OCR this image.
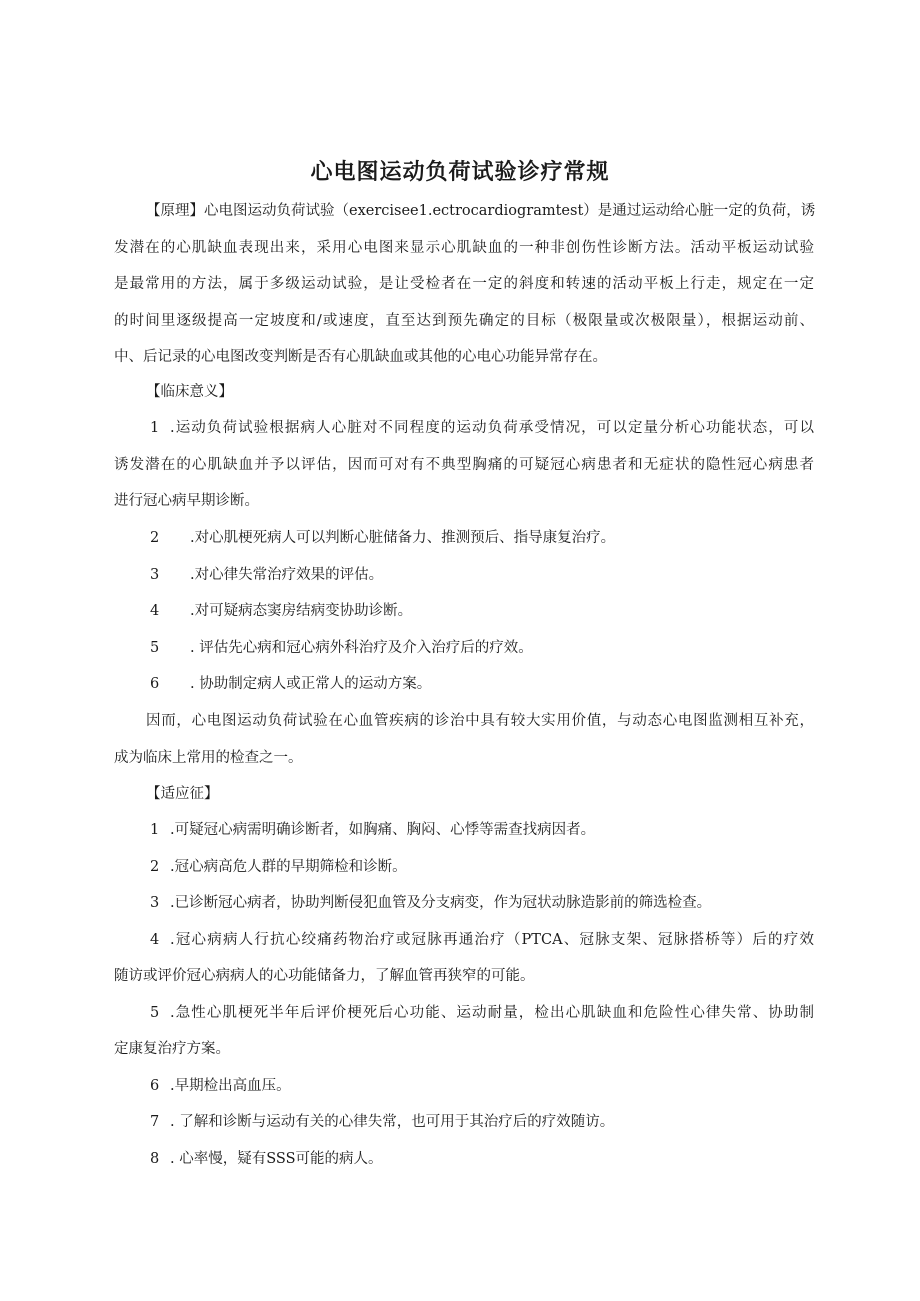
心电图运动负荷试验诊疗常规
【原理】心电图运动负荷试验（exercisee1.ectrocardiogramtest）是通过运动给心脏一定的负荷，诱
发潜在的心肌缺血表现出来，采用心电图来显示心肌缺血的一种非创伤性诊断方法。活动平板运动试验
是最常用的方法，属于多级运动试验，是让受检者在一定的斜度和转速的活动平板上行走，规定在一定
的时间里逐级提高一定坡度和/或速度，直至达到预先确定的目标（极限量或次极限量），根据运动前、
中、后记录的心电图改变判断是否有心肌缺血或其他的心电心功能异常存在。
【临床意义】
1 .运动负荷试验根据病人心脏对不同程度的运动负荷承受情况，可以定量分析心功能状态，可以
诱发潜在的心肌缺血并予以评估，因而可对有不典型胸痛的可疑冠心病患者和无症状的隐性冠心病患者
进行冠心病早期诊断。
2 .对心肌梗死病人可以判断心脏储备力、推测预后、指导康复治疗。
3 .对心律失常治疗效果的评估。
4 .对可疑病态窦房结病变协助诊断。
5 . 评估先心病和冠心病外科治疗及介入治疗后的疗效。
6 . 协助制定病人或正常人的运动方案。
因而，心电图运动负荷试验在心血管疾病的诊治中具有较大实用价值，与动态心电图监测相互补充，
成为临床上常用的检查之一。
【适应征】
1 .可疑冠心病需明确诊断者，如胸痛、胸闷、心悸等需查找病因者。
2 .冠心病高危人群的早期筛检和诊断。
3 .已诊断冠心病者，协助判断侵犯血管及分支病变，作为冠状动脉造影前的筛选检查。
4 .冠心病病人行抗心绞痛药物治疗或冠脉再通治疗（PTCA、冠脉支架、冠脉搭桥等）后的疗效
随访或评价冠心病病人的心功能储备力，了解血管再狭窄的可能。
5 .急性心肌梗死半年后评价梗死后心功能、运动耐量，检出心肌缺血和危险性心律失常、协助制
定康复治疗方案。
6 .早期检出高血压。
7 . 了解和诊断与运动有关的心律失常，也可用于其治疗后的疗效随访。
8 . 心率慢，疑有SSS可能的病人。
